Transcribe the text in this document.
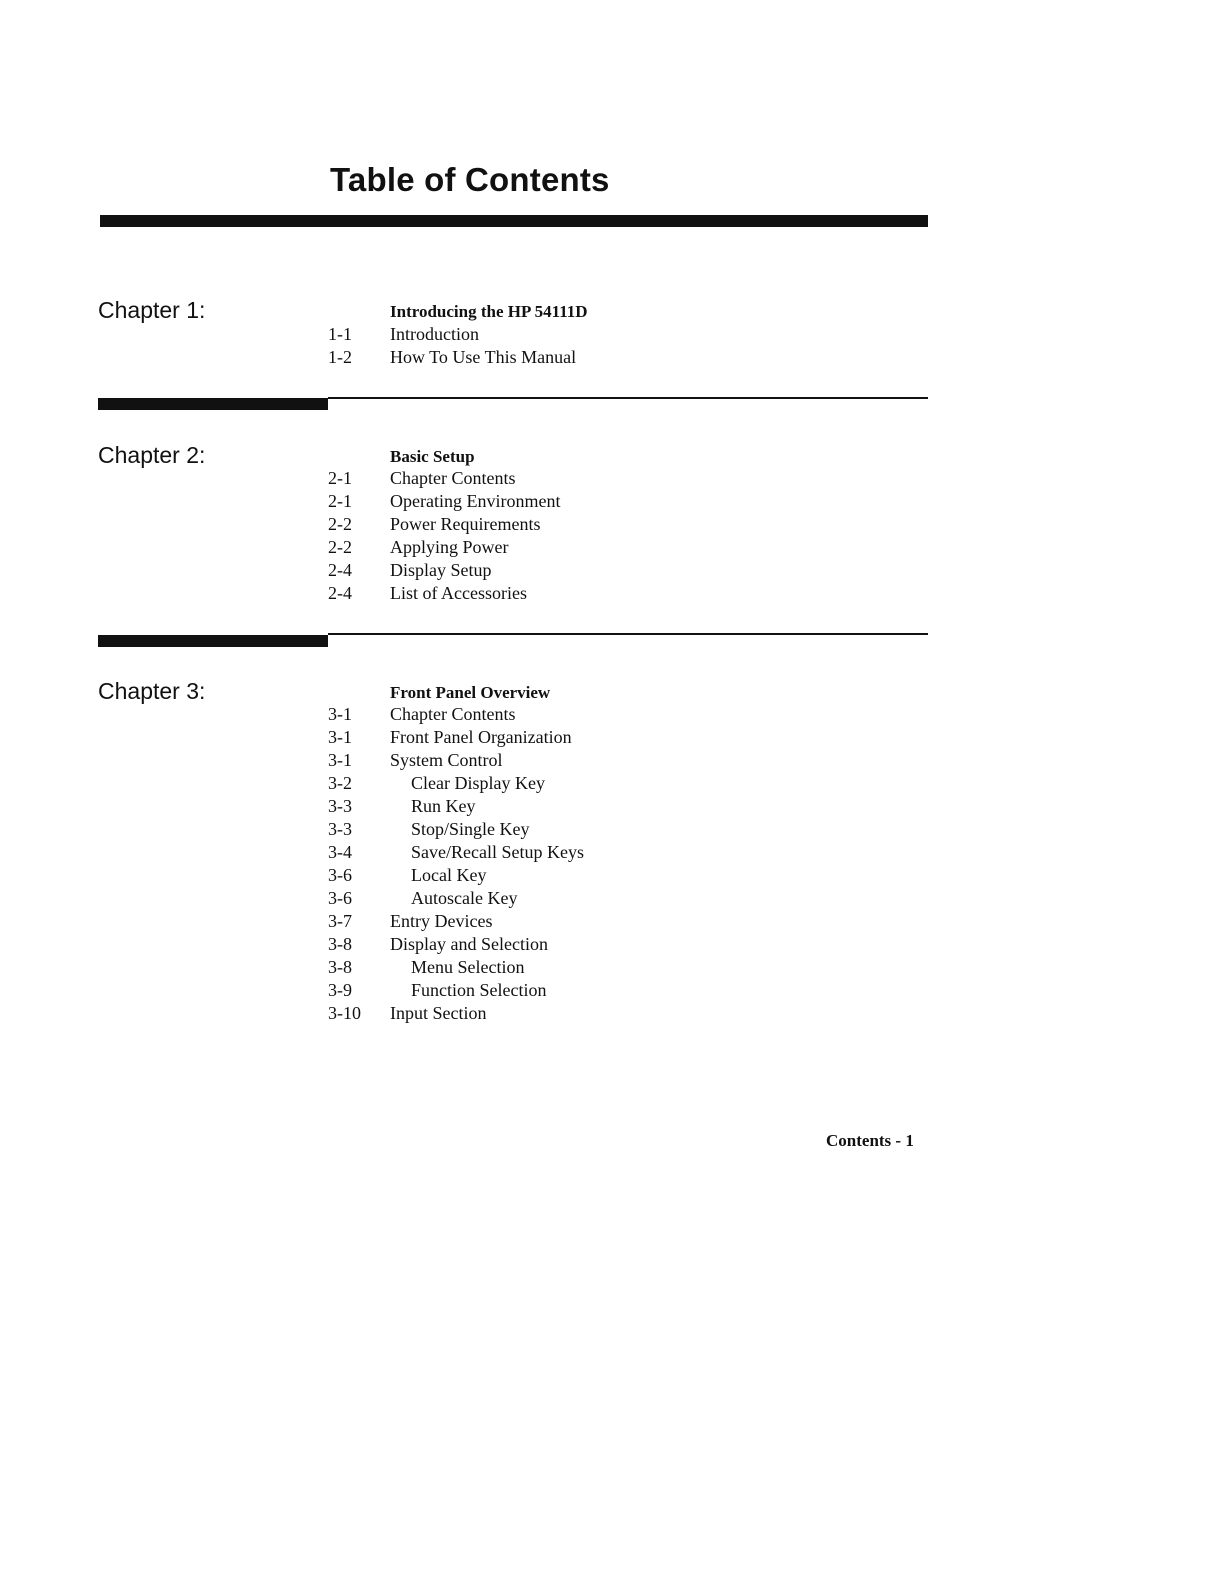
Table of Contents

Chapter 1:	Introducing the HP 54111D

1-1 Introduction
1-2 How To Use This Manual

Chapter 2:	Basic Setup

2-1 Chapter Contents
2-1 Operating Environment
2-2 Power Requirements
2-2 Applying Power
2-4 Display Setup
2-4 List of Accessories

Chapter 3:	Front Panel Overview

3-1 Chapter Contents
3-1 Front Panel Organization
3-1 System Control
3-2	Clear Display Key
3-3	Run Key
3-3	Stop/Single Key
3-4	Save/Recall Setup Keys
3-6	Local Key
3-6	Autoscale Key
3-7 Entry Devices
3-8 Display and Selection
3-8	Menu Selection
3-9	Function Selection
3-10 Input Section
Contents - 1
